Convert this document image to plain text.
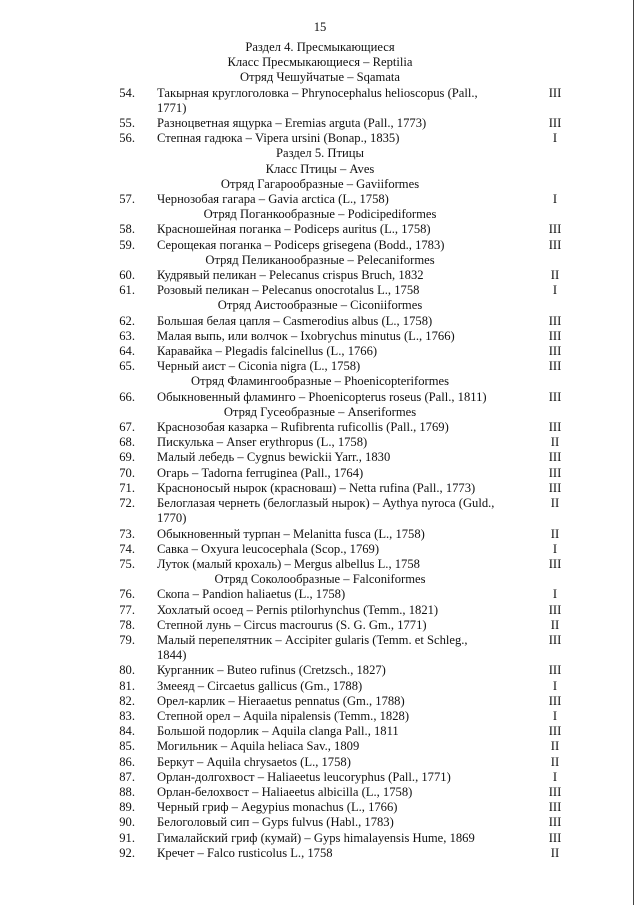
15
Раздел 4. Пресмыкающиеся
Класс Пресмыкающиеся – Reptilia
Отряд Чешуйчатые – Sqamata
54. Такырная круглоголовка – Phrynocephalus helioscopus (Pall.,	III
1771)
55. Разноцветная ящурка – Eremias arguta (Pall., 1773)	III
56. Степная гадюка – Vipera ursini (Bonap., 1835)	I
Раздел 5. Птицы
Класс Птицы – Aves
Отряд Гагарообразные – Gaviiformes
57. Чернозобая гагара – Gavia arctica (L., 1758)	I
Отряд Поганкообразные – Podicipediformes
58. Красношейная поганка – Podiceps auritus (L., 1758)	III
59. Серощекая поганка – Podiceps grisegena (Bodd., 1783)	III
Отряд Пеликанообразные – Pelecaniformes
60. Кудрявый пеликан – Pelecanus crispus Bruch, 1832	II
61. Розовый пеликан – Pelecanus onocrotalus L., 1758	I
Отряд Аистообразные – Ciconiiformes
62. Большая белая цапля – Casmerodius albus (L., 1758)	III
63. Малая выпь, или волчок – Ixobrychus minutus (L., 1766)	III
64. Каравайка – Plegadis falcinellus (L., 1766)	III
65. Черный аист – Ciconia nigra (L., 1758)	III
Отряд Фламингообразные – Phoenicopteriformes
66. Обыкновенный фламинго – Phoenicopterus roseus (Pall., 1811)	III
Отряд Гусеобразные – Anseriformes
67. Краснозобая казарка – Rufibrenta ruficollis (Pall., 1769)	III
68. Пискулька – Anser erythropus (L., 1758)	II
69. Малый лебедь – Cygnus bewickii Yarr., 1830	III
70. Огарь – Tadorna ferruginea (Pall., 1764)	III
71. Красноносый нырок (красноваш) – Netta rufina (Pall., 1773)	III
72. Белоглазая чернеть (белоглазый нырок) – Aythya nyroca (Guld.,	II
1770)
73. Обыкновенный турпан – Melanitta fusca (L., 1758)	II
74. Савка – Oxyura leucocephala (Scop., 1769)	I
75. Луток (малый крохаль) – Mergus albellus L., 1758	III
Отряд Соколообразные – Falconiformes
76. Скопа – Pandion haliaetus (L., 1758)	I
77. Хохлатый осоед – Pernis ptilorhynchus (Temm., 1821)	III
78. Степной лунь – Circus macrourus (S. G. Gm., 1771)	II
79. Малый перепелятник – Accipiter gularis (Temm. et Schleg.,	III
1844)
80. Курганник – Buteo rufinus (Cretzsch., 1827)	III
81. Змееяд – Circaetus gallicus (Gm., 1788)	I
82. Орел-карлик – Hieraaetus pennatus (Gm., 1788)	III
83. Степной орел – Aquila nipalensis (Temm., 1828)	I
84. Большой подорлик – Aquila clanga Pall., 1811	III
85. Могильник – Aquila heliaca Sav., 1809	II
86. Беркут – Aquila chrysaetos (L., 1758)	II
87. Орлан-долгохвост – Haliaeetus leucoryphus (Pall., 1771)	I
88. Орлан-белохвост – Haliaeetus albicilla (L., 1758)	III
89. Черный гриф – Aegypius monachus (L., 1766)	III
90. Белоголовый сип – Gyps fulvus (Habl., 1783)	III
91. Гималайский гриф (кумай) – Gyps himalayensis Hume, 1869	III
92. Кречет – Falco rusticolus L., 1758	II
